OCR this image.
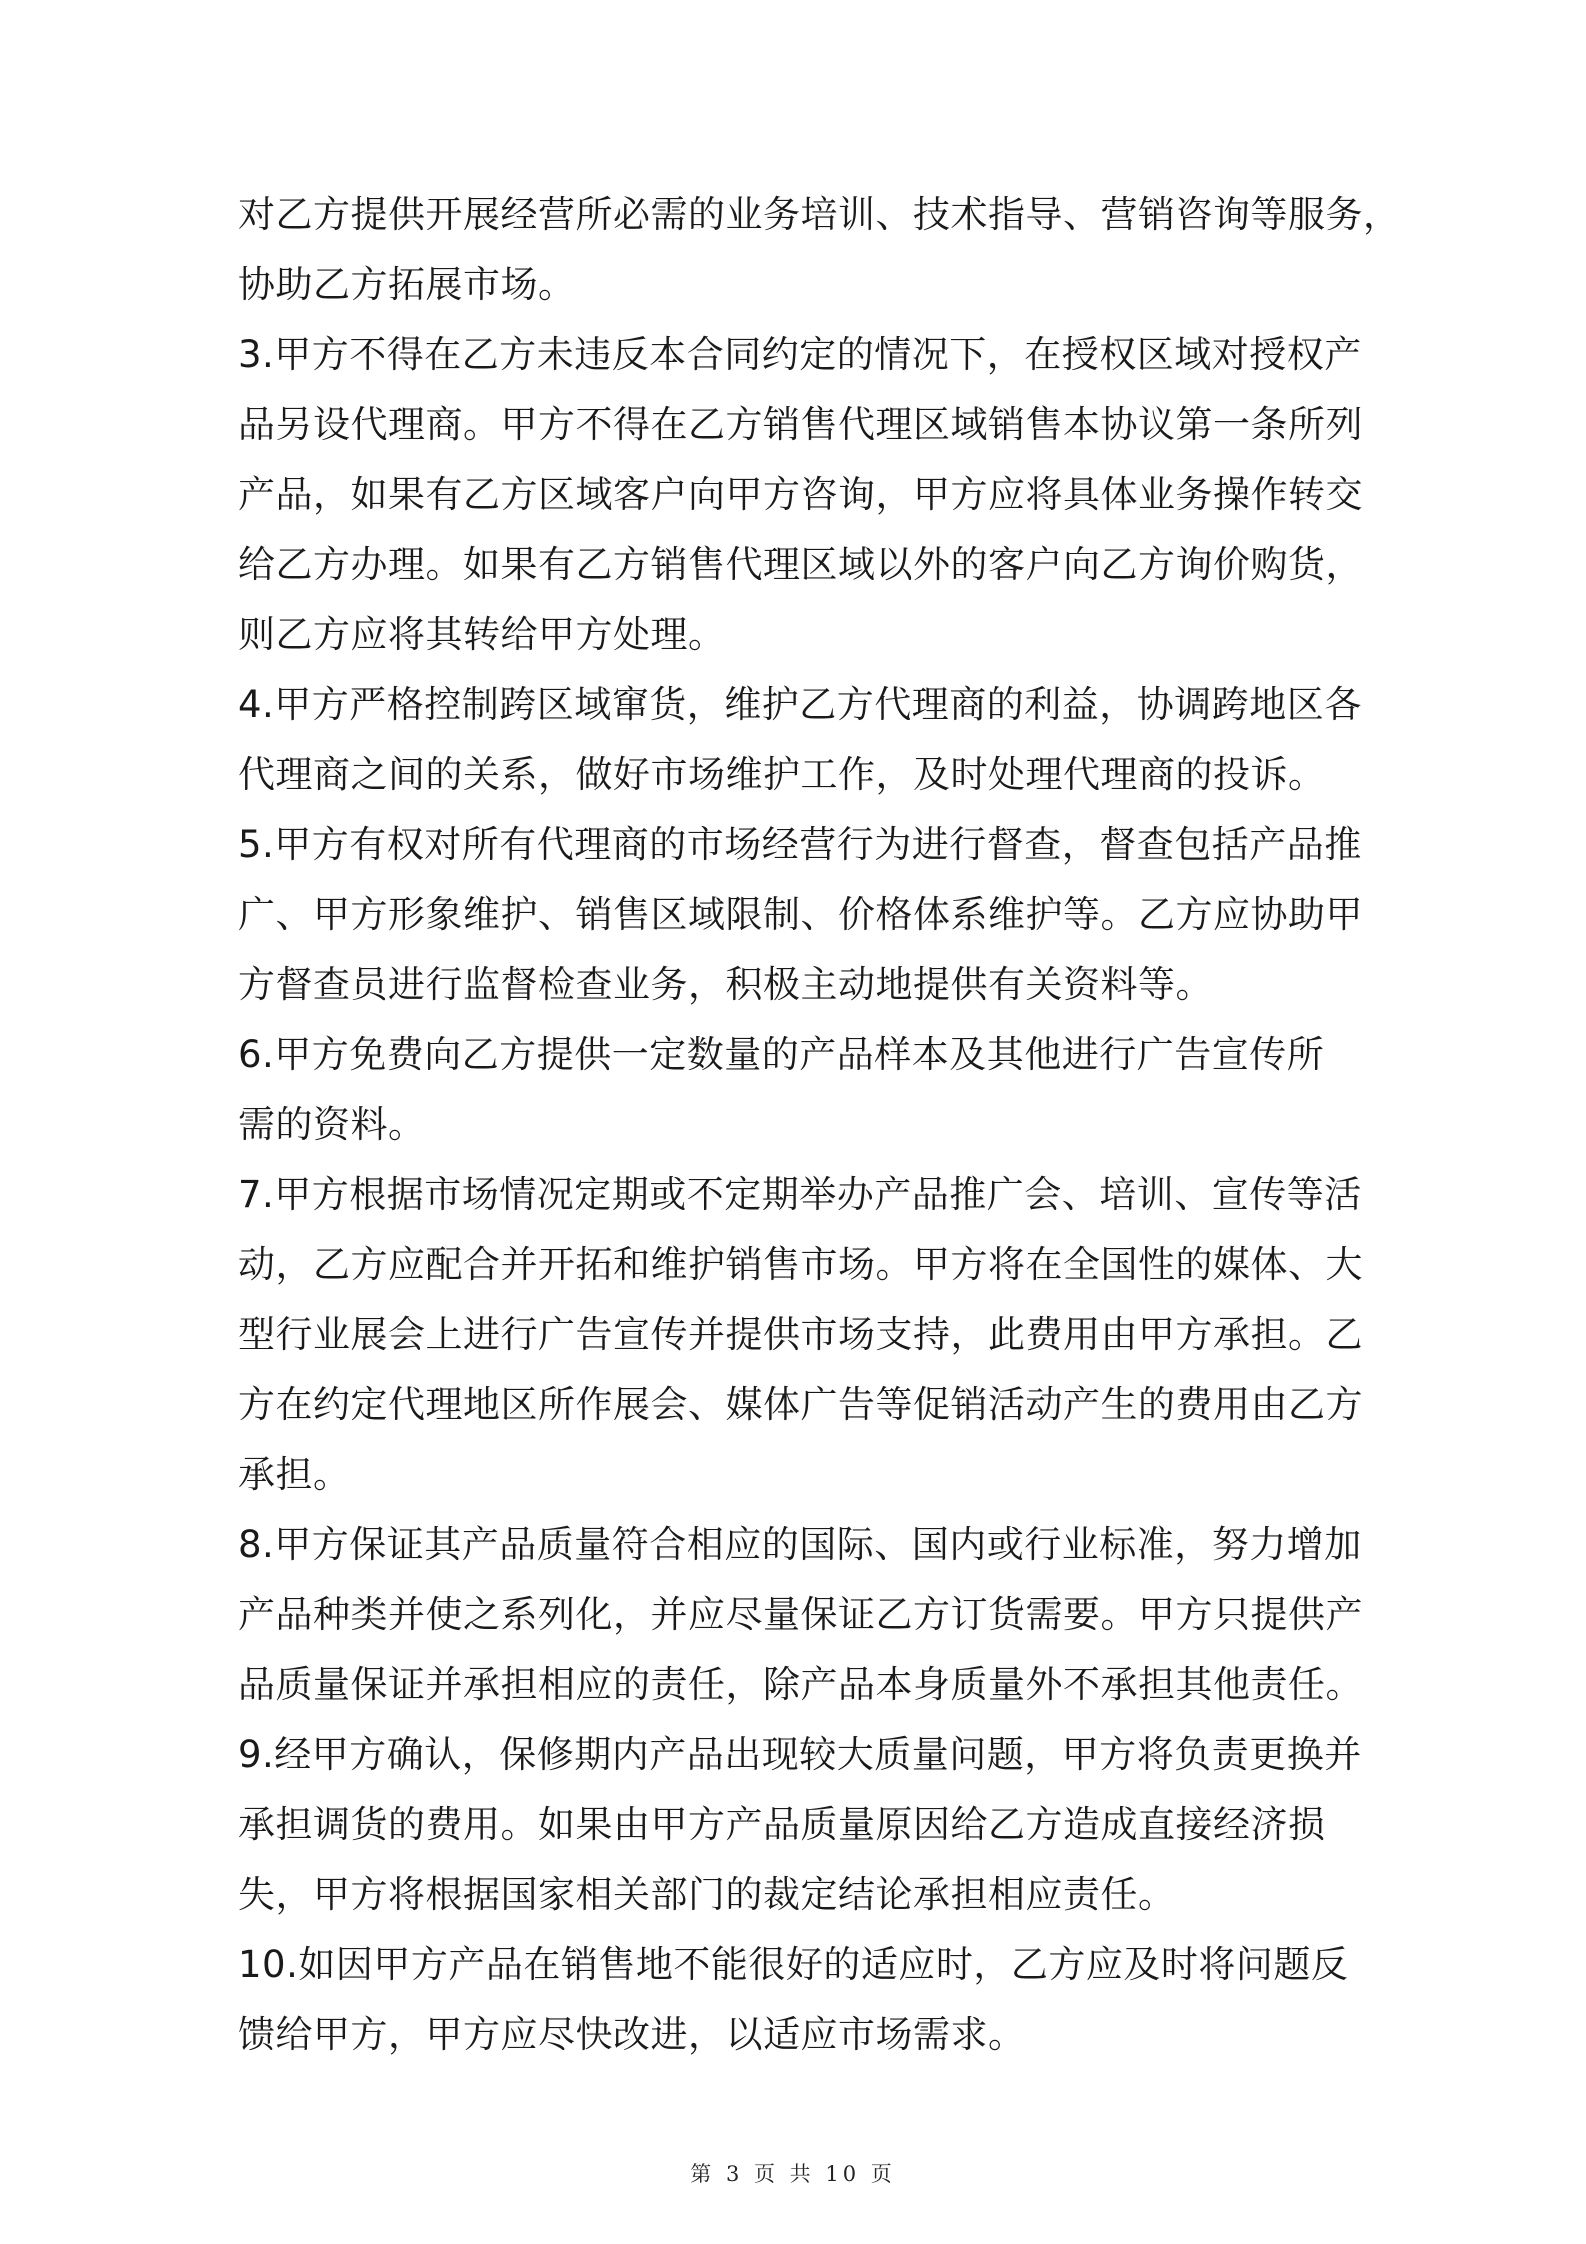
对乙方提供开展经营所必需的业务培训、技术指导、营销咨询等服务，
协助乙方拓展市场。
3.甲方不得在乙方未违反本合同约定的情况下，在授权区域对授权产
品另设代理商。甲方不得在乙方销售代理区域销售本协议第一条所列
产品，如果有乙方区域客户向甲方咨询，甲方应将具体业务操作转交
给乙方办理。如果有乙方销售代理区域以外的客户向乙方询价购货，
则乙方应将其转给甲方处理。
4.甲方严格控制跨区域窜货，维护乙方代理商的利益，协调跨地区各
代理商之间的关系，做好市场维护工作，及时处理代理商的投诉。
5.甲方有权对所有代理商的市场经营行为进行督查，督查包括产品推
广、甲方形象维护、销售区域限制、价格体系维护等。乙方应协助甲
方督查员进行监督检查业务，积极主动地提供有关资料等。
6.甲方免费向乙方提供一定数量的产品样本及其他进行广告宣传所
需的资料。
7.甲方根据市场情况定期或不定期举办产品推广会、培训、宣传等活
动，乙方应配合并开拓和维护销售市场。甲方将在全国性的媒体、大
型行业展会上进行广告宣传并提供市场支持，此费用由甲方承担。乙
方在约定代理地区所作展会、媒体广告等促销活动产生的费用由乙方
承担。
8.甲方保证其产品质量符合相应的国际、国内或行业标准，努力增加
产品种类并使之系列化，并应尽量保证乙方订货需要。甲方只提供产
品质量保证并承担相应的责任，除产品本身质量外不承担其他责任。
9.经甲方确认，保修期内产品出现较大质量问题，甲方将负责更换并
承担调货的费用。如果由甲方产品质量原因给乙方造成直接经济损
失，甲方将根据国家相关部门的裁定结论承担相应责任。
10.如因甲方产品在销售地不能很好的适应时，乙方应及时将问题反
馈给甲方，甲方应尽快改进，以适应市场需求。
第 3 页 共 10 页
